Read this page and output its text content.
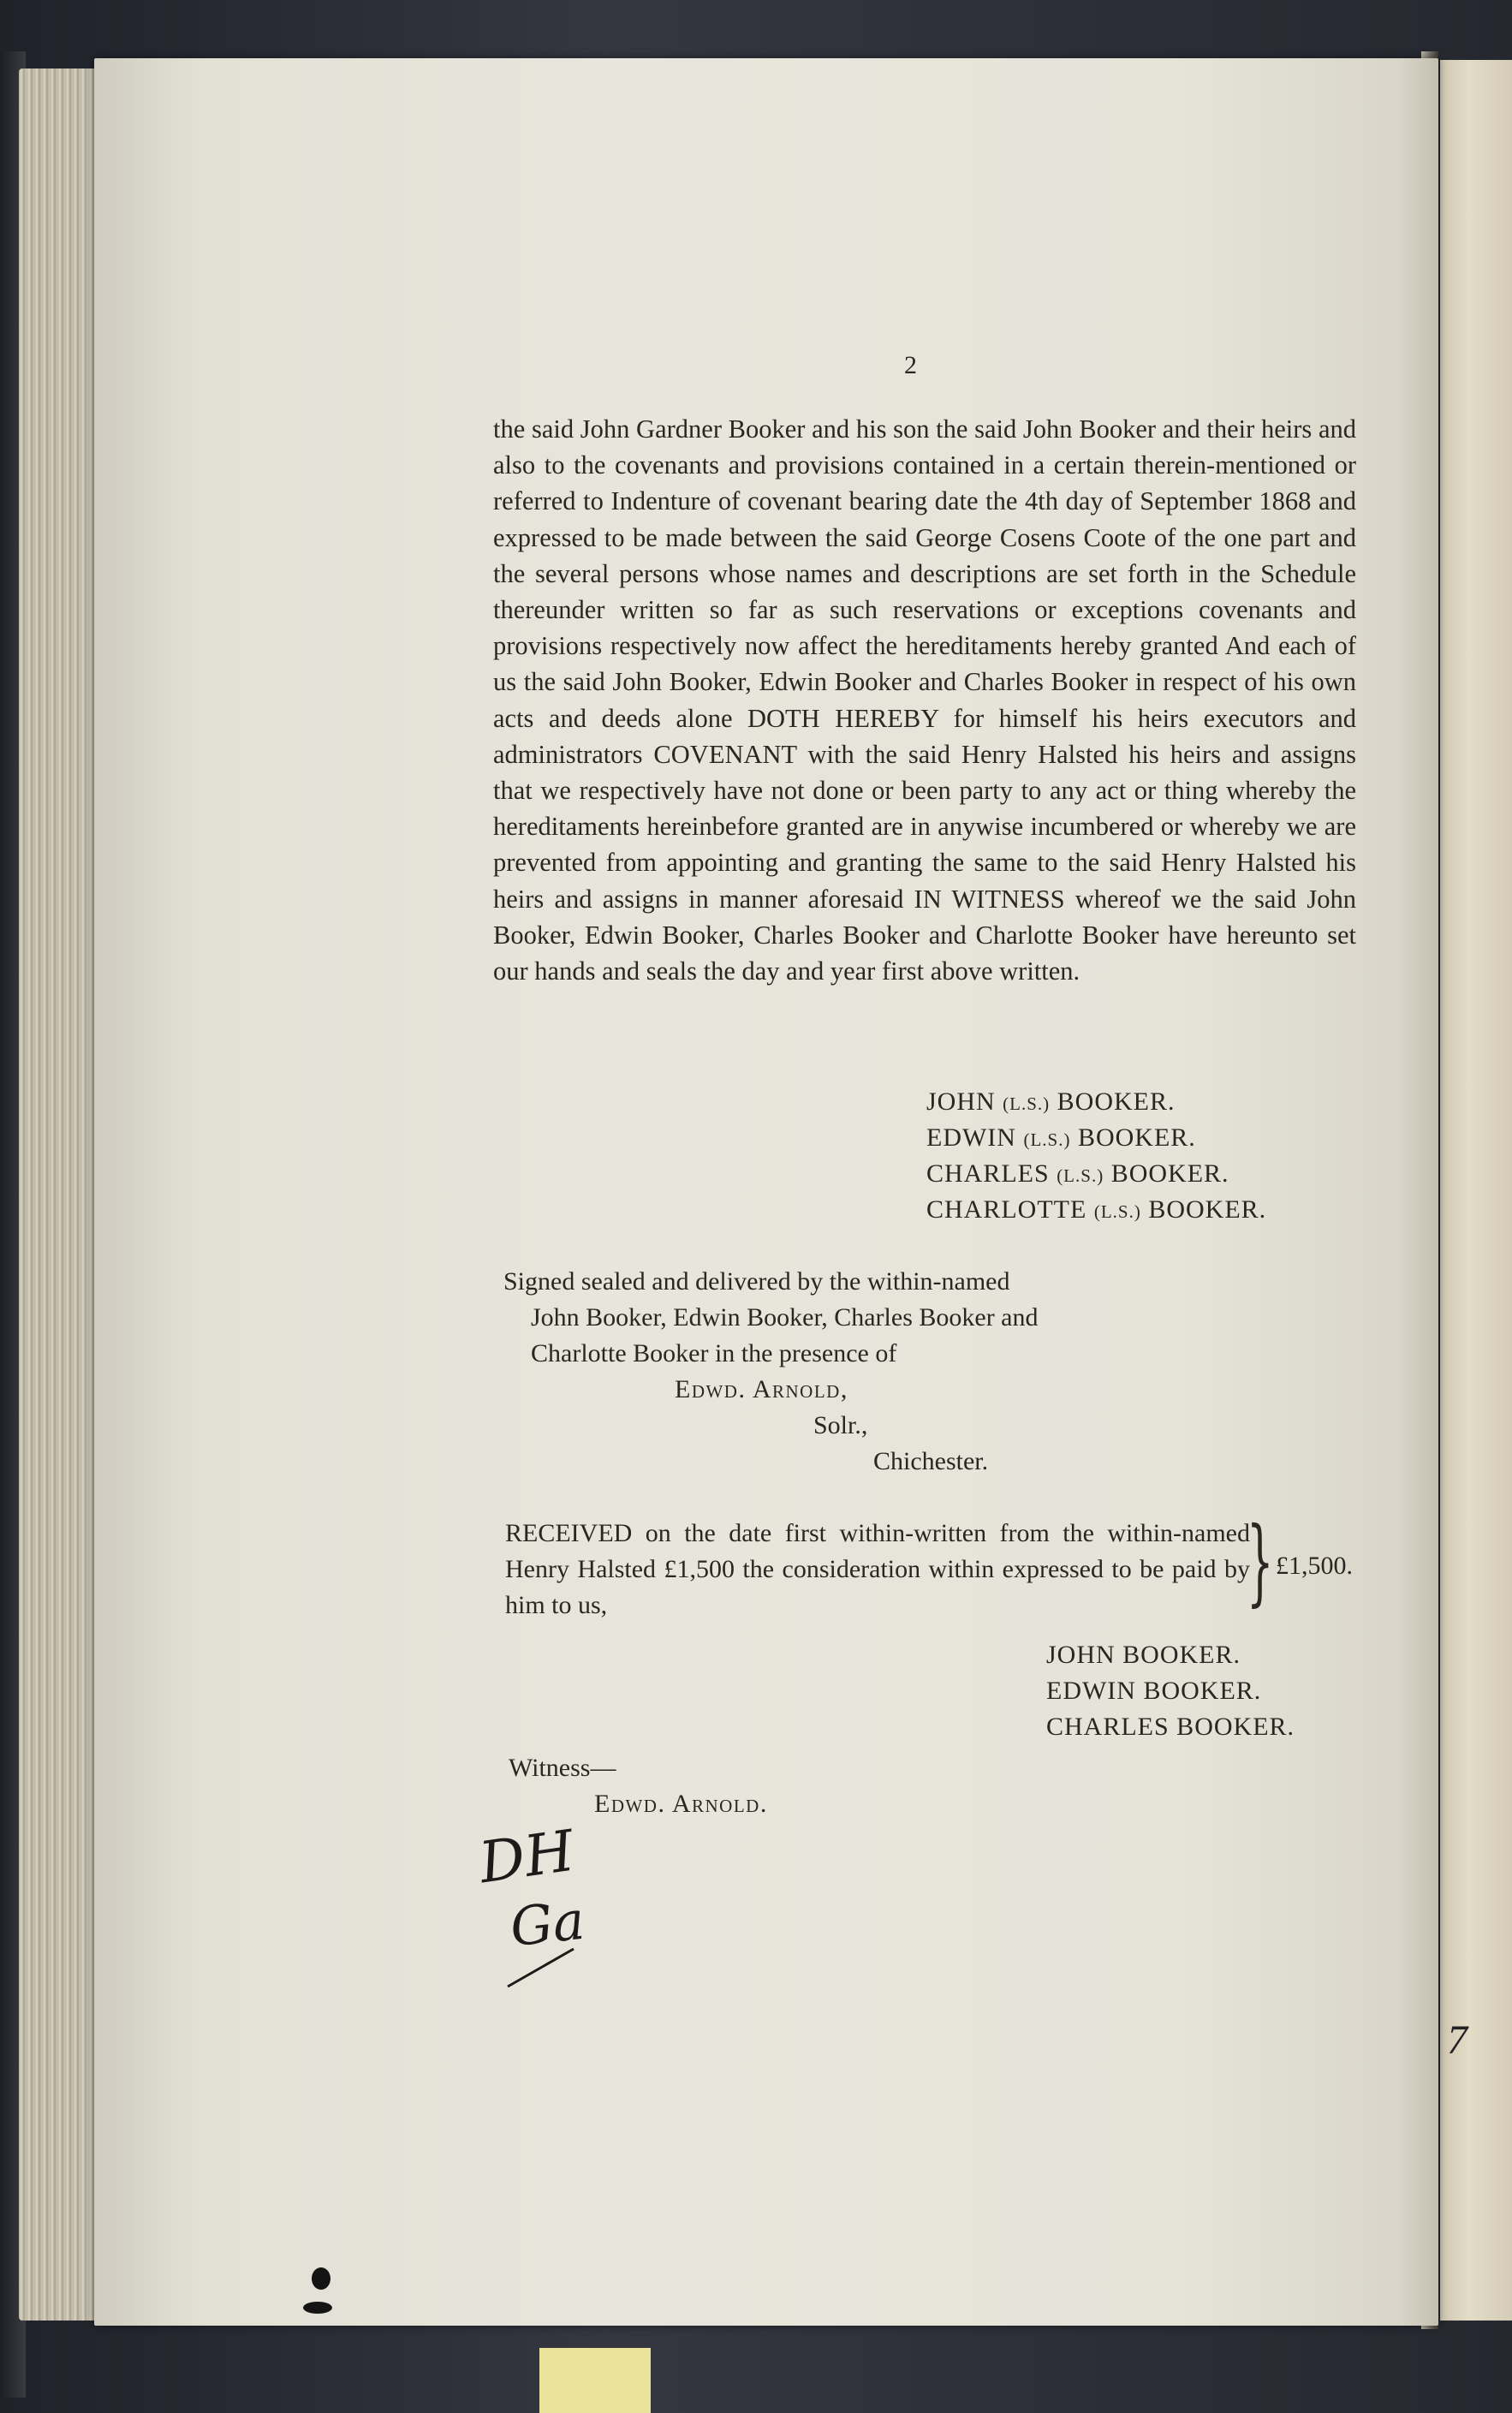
7
2
the said John Gardner Booker and his son the said John Booker and their heirs and also to the covenants and provisions contained in a certain therein-mentioned or referred to Indenture of covenant bearing date the 4th day of September 1868 and expressed to be made between the said George Cosens Coote of the one part and the several persons whose names and descriptions are set forth in the Schedule thereunder written so far as such reservations or exceptions covenants and provisions respectively now affect the hereditaments hereby granted And each of us the said John Booker, Edwin Booker and Charles Booker in respect of his own acts and deeds alone DOTH HEREBY for himself his heirs executors and administrators COVENANT with the said Henry Halsted his heirs and assigns that we respectively have not done or been party to any act or thing whereby the hereditaments hereinbefore granted are in anywise incumbered or whereby we are prevented from appointing and granting the same to the said Henry Halsted his heirs and assigns in manner aforesaid IN WITNESS whereof we the said John Booker, Edwin Booker, Charles Booker and Charlotte Booker have hereunto set our hands and seals the day and year first above written.
JOHN (L.S.) BOOKER.
EDWIN (L.S.) BOOKER.
CHARLES (L.S.) BOOKER.
CHARLOTTE (L.S.) BOOKER.
Signed sealed and delivered by the within-named
John Booker, Edwin Booker, Charles Booker and
Charlotte Booker in the presence of
Edwd. Arnold,
Solr.,
Chichester.
RECEIVED on the date first within-written from the within-named Henry Halsted £1,500 the consideration within expressed to be paid by him to us,	} £1,500.
JOHN BOOKER.
EDWIN BOOKER.
CHARLES BOOKER.
Witness—
Edwd. Arnold.
DH
Ga
